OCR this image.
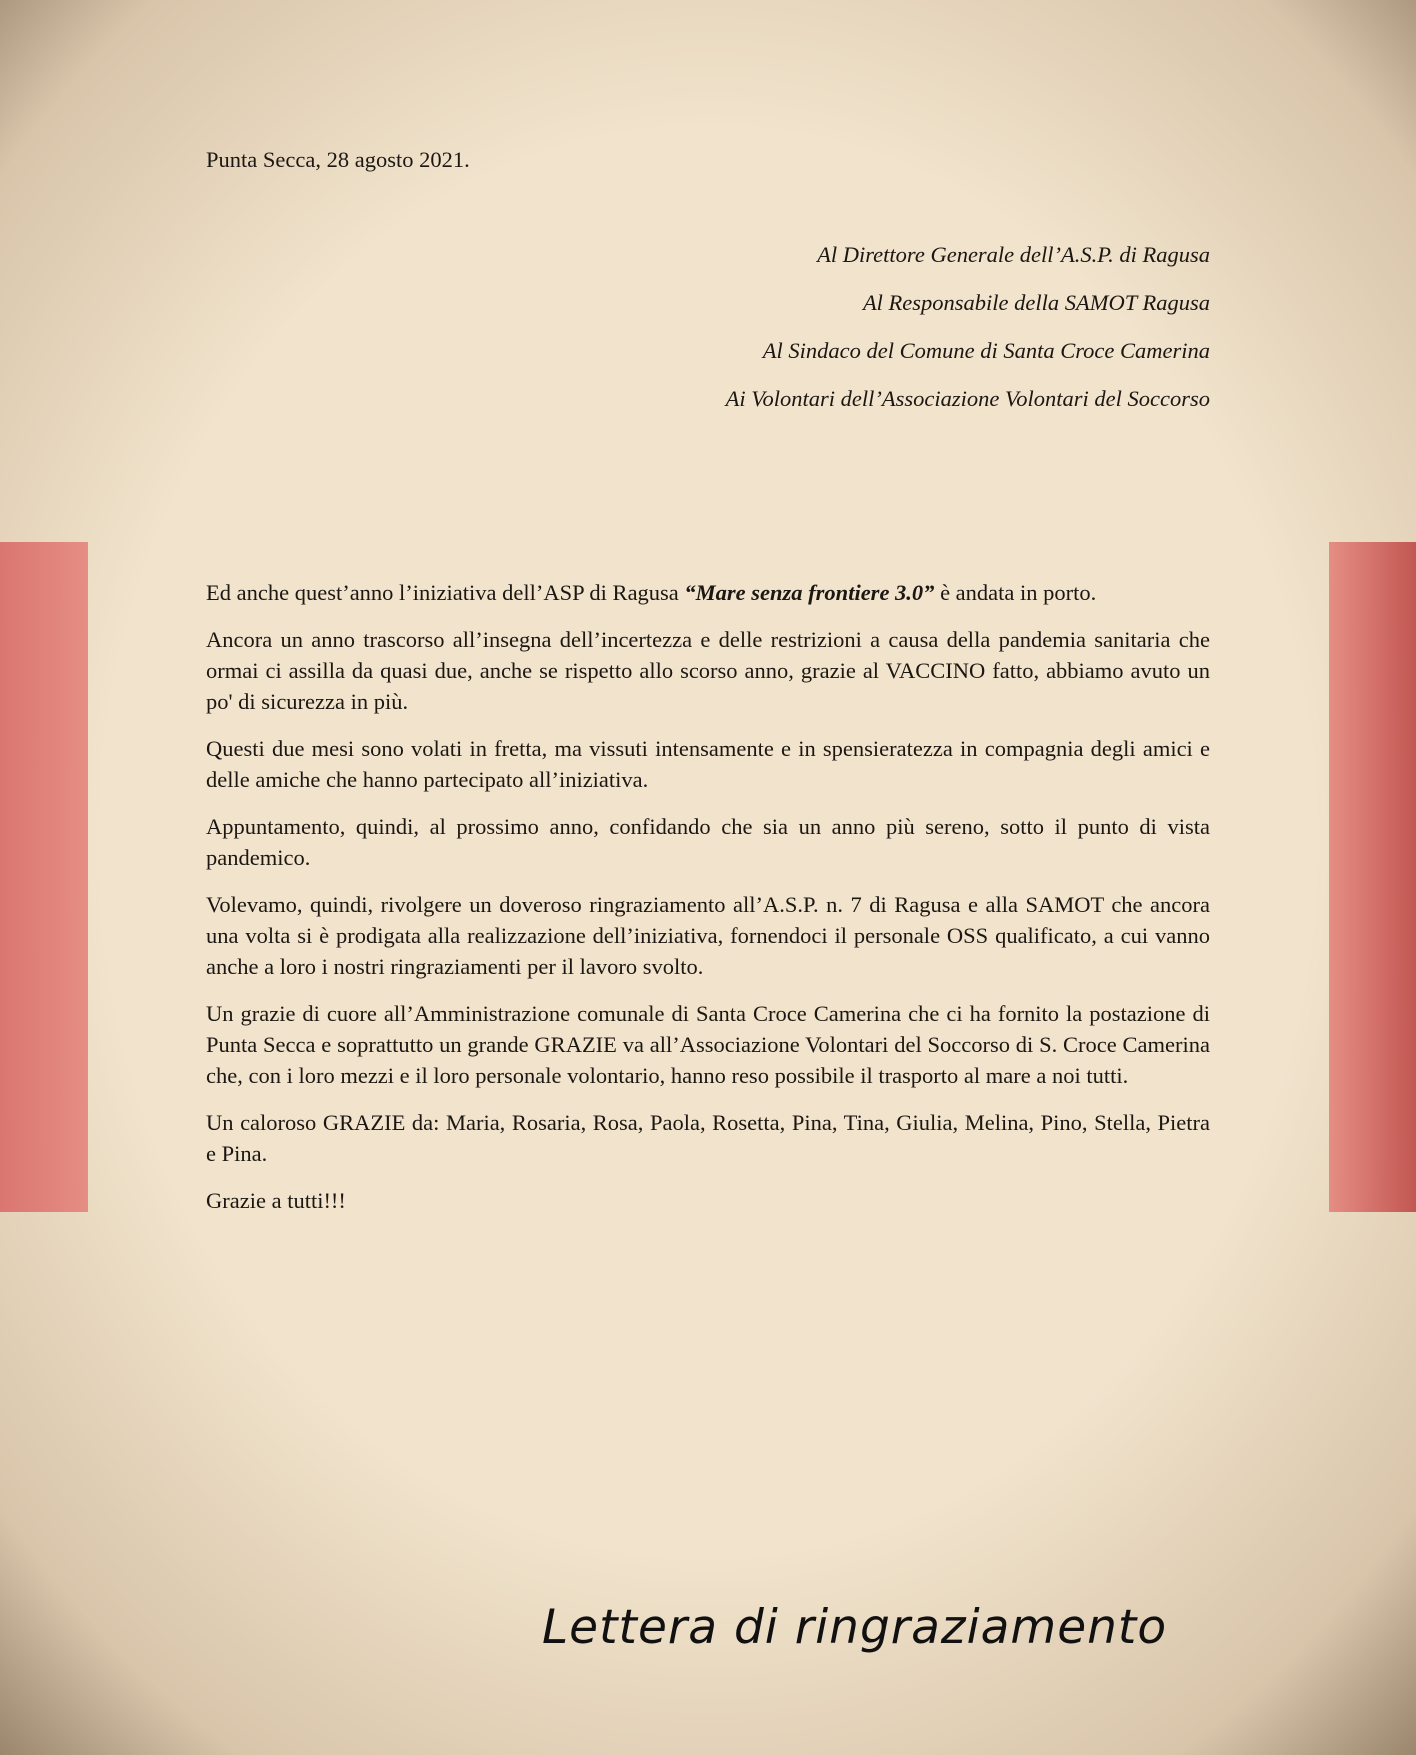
Punta Secca, 28 agosto 2021.
Al Direttore Generale dell’A.S.P. di Ragusa
Al Responsabile della SAMOT Ragusa
Al Sindaco del Comune di Santa Croce Camerina
Ai Volontari dell’Associazione Volontari del Soccorso

Ed anche quest’anno l’iniziativa dell’ASP di Ragusa “Mare senza frontiere 3.0” è andata in porto.

Ancora un anno trascorso all’insegna dell’incertezza e delle restrizioni a causa della pandemia sanitaria che ormai ci assilla da quasi due, anche se rispetto allo scorso anno, grazie al VACCINO fatto, abbiamo avuto un po' di sicurezza in più.

Questi due mesi sono volati in fretta, ma vissuti intensamente e in spensieratezza in compagnia degli amici e delle amiche che hanno partecipato all’iniziativa.

Appuntamento, quindi, al prossimo anno, confidando che sia un anno più sereno, sotto il punto di vista pandemico.

Volevamo, quindi, rivolgere un doveroso ringraziamento all’A.S.P. n. 7 di Ragusa e alla SAMOT che ancora una volta si è prodigata alla realizzazione dell’iniziativa, fornendoci il personale OSS qualificato, a cui vanno anche a loro i nostri ringraziamenti per il lavoro svolto.

Un grazie di cuore all’Amministrazione comunale di Santa Croce Camerina che ci ha fornito la postazione di Punta Secca e soprattutto un grande GRAZIE va all’Associazione Volontari del Soccorso di S. Croce Camerina che, con i loro mezzi e il loro personale volontario, hanno reso possibile il trasporto al mare a noi tutti.

Un caloroso GRAZIE da: Maria, Rosaria, Rosa, Paola, Rosetta, Pina, Tina, Giulia, Melina, Pino, Stella, Pietra e Pina.

Grazie a tutti!!!

Lettera di ringraziamento
